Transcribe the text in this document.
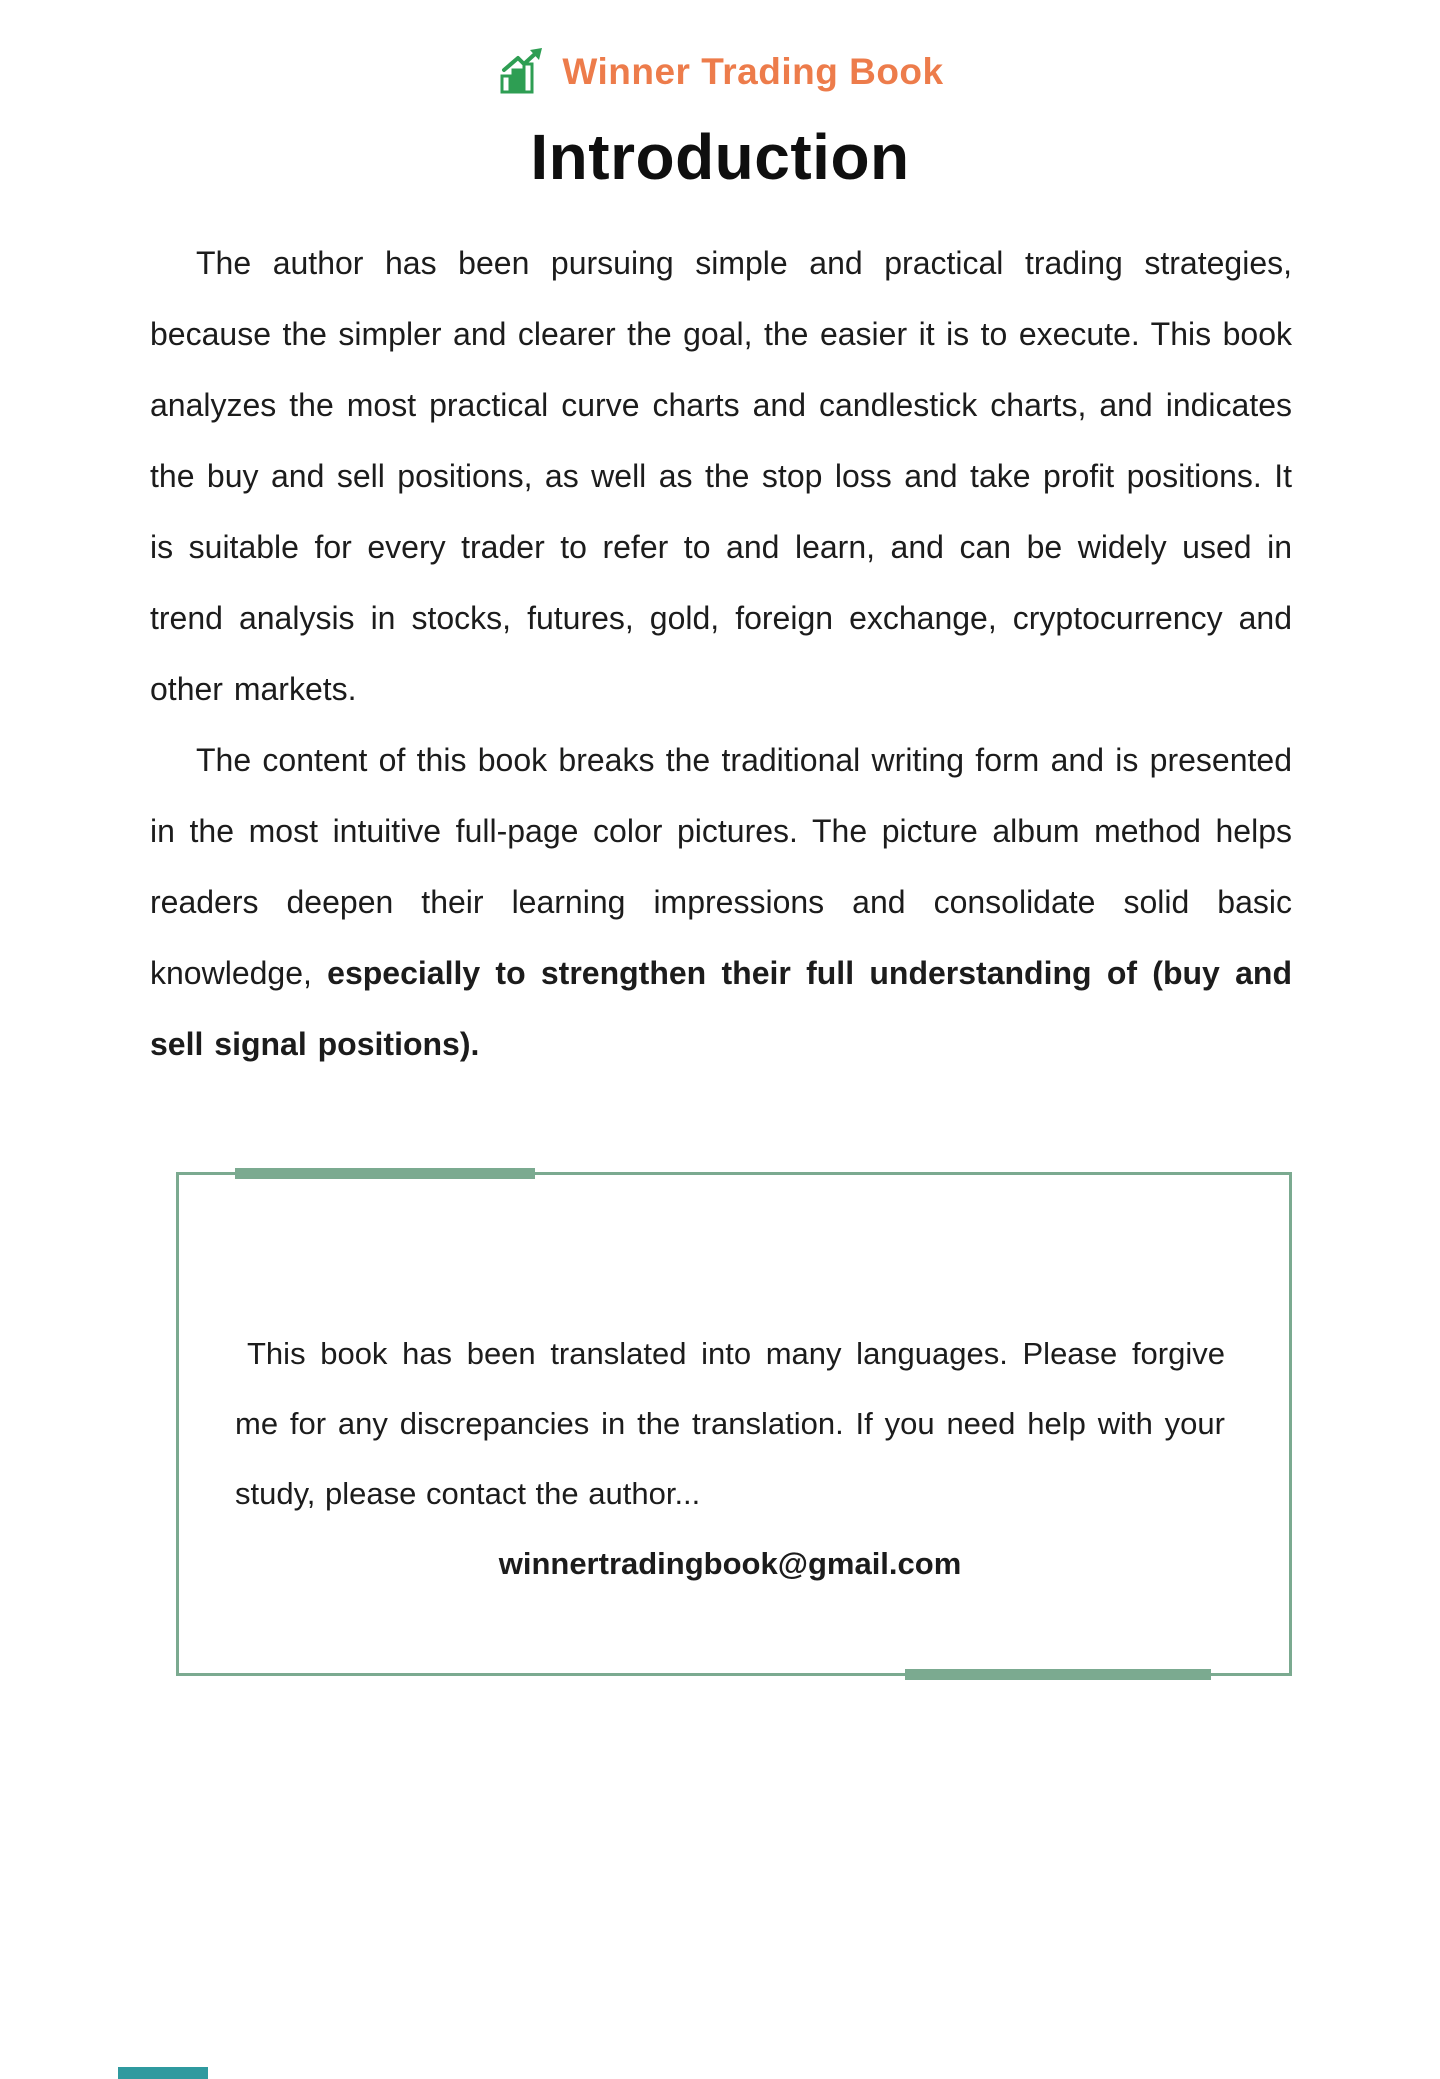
Winner Trading Book
Introduction

The author has been pursuing simple and practical trading strategies, because the simpler and clearer the goal, the easier it is to execute. This book analyzes the most practical curve charts and candlestick charts, and indicates the buy and sell positions, as well as the stop loss and take profit positions. It is suitable for every trader to refer to and learn, and can be widely used in trend analysis in stocks, futures, gold, foreign exchange, cryptocurrency and other markets.

The content of this book breaks the traditional writing form and is presented in the most intuitive full-page color pictures. The picture album method helps readers deepen their learning impressions and consolidate solid basic knowledge, especially to strengthen their full understanding of (buy and sell signal positions).

This book has been translated into many languages. Please forgive me for any discrepancies in the translation. If you need help with your study, please contact the author...

winnertradingbook@gmail.com
